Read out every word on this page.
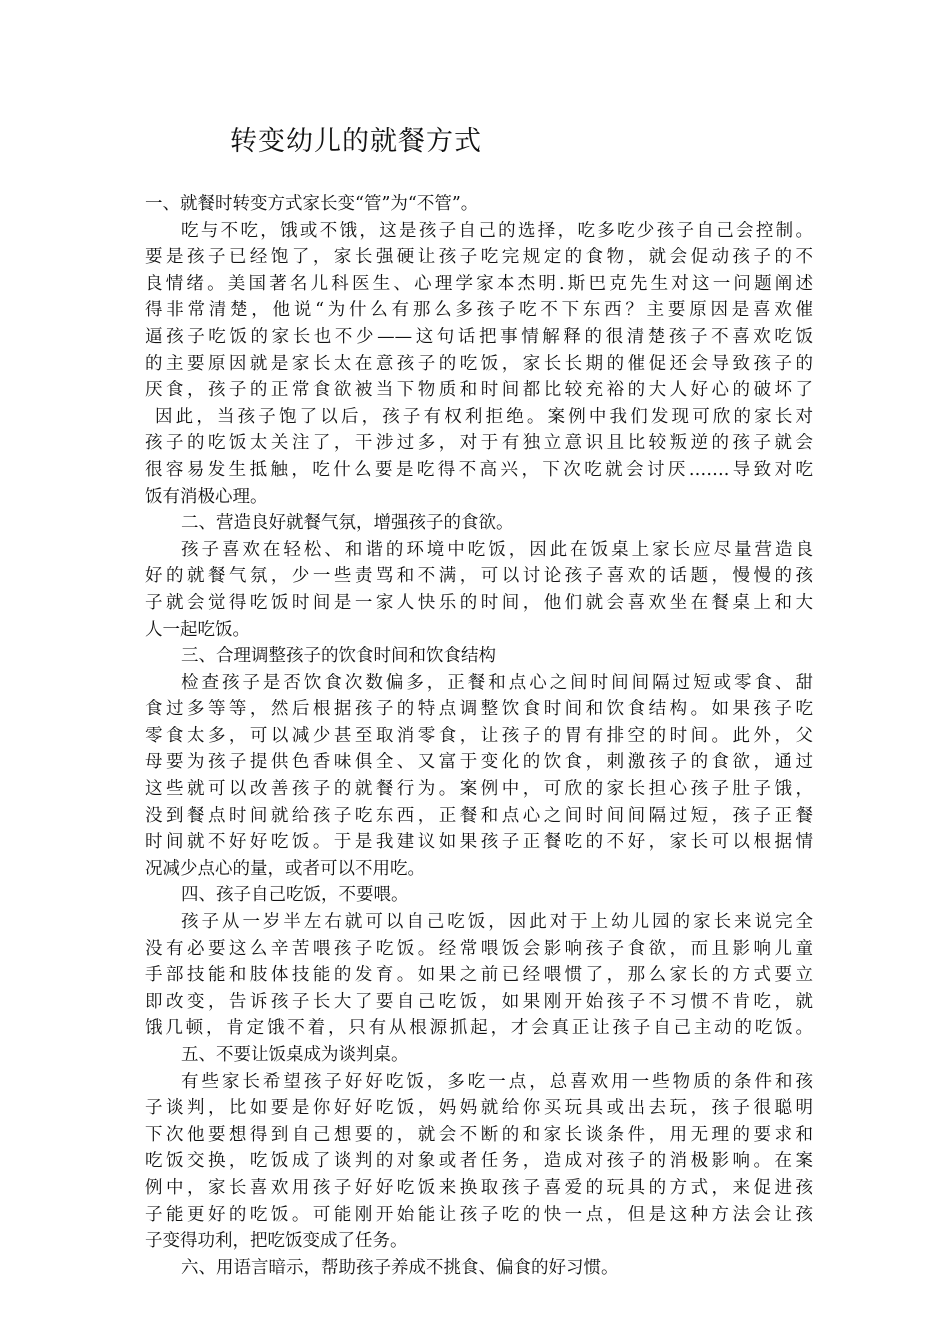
转变幼儿的就餐方式
一、就餐时转变方式家长变“管”为“不管”。
吃与不吃，饿或不饿，这是孩子自己的选择，吃多吃少孩子自己会控制。
要是孩子已经饱了，家长强硬让孩子吃完规定的食物，就会促动孩子的不
良情绪。美国著名儿科医生、心理学家本杰明.斯巴克先生对这一问题阐述
得非常清楚，他说“为什么有那么多孩子吃不下东西？主要原因是喜欢催
逼孩子吃饭的家长也不少——这句话把事情解释的很清楚孩子不喜欢吃饭
的主要原因就是家长太在意孩子的吃饭，家长长期的催促还会导致孩子的
厌食，孩子的正常食欲被当下物质和时间都比较充裕的大人好心的破坏了
因此，当孩子饱了以后，孩子有权利拒绝。案例中我们发现可欣的家长对
孩子的吃饭太关注了，干涉过多，对于有独立意识且比较叛逆的孩子就会
很容易发生抵触，吃什么要是吃得不高兴，下次吃就会讨厌…….导致对吃
饭有消极心理。
二、营造良好就餐气氛，增强孩子的食欲。
孩子喜欢在轻松、和谐的环境中吃饭，因此在饭桌上家长应尽量营造良
好的就餐气氛，少一些责骂和不满，可以讨论孩子喜欢的话题，慢慢的孩
子就会觉得吃饭时间是一家人快乐的时间，他们就会喜欢坐在餐桌上和大
人一起吃饭。
三、合理调整孩子的饮食时间和饮食结构
检查孩子是否饮食次数偏多，正餐和点心之间时间间隔过短或零食、甜
食过多等等，然后根据孩子的特点调整饮食时间和饮食结构。如果孩子吃
零食太多，可以减少甚至取消零食，让孩子的胃有排空的时间。此外，父
母要为孩子提供色香味俱全、又富于变化的饮食，刺激孩子的食欲，通过
这些就可以改善孩子的就餐行为。案例中，可欣的家长担心孩子肚子饿，
没到餐点时间就给孩子吃东西，正餐和点心之间时间间隔过短，孩子正餐
时间就不好好吃饭。于是我建议如果孩子正餐吃的不好，家长可以根据情
况减少点心的量，或者可以不用吃。
四、孩子自己吃饭，不要喂。
孩子从一岁半左右就可以自己吃饭，因此对于上幼儿园的家长来说完全
没有必要这么辛苦喂孩子吃饭。经常喂饭会影响孩子食欲，而且影响儿童
手部技能和肢体技能的发育。如果之前已经喂惯了，那么家长的方式要立
即改变，告诉孩子长大了要自己吃饭，如果刚开始孩子不习惯不肯吃，就
饿几顿，肯定饿不着，只有从根源抓起，才会真正让孩子自己主动的吃饭。
五、不要让饭桌成为谈判桌。
有些家长希望孩子好好吃饭，多吃一点，总喜欢用一些物质的条件和孩
子谈判，比如要是你好好吃饭，妈妈就给你买玩具或出去玩，孩子很聪明
下次他要想得到自己想要的，就会不断的和家长谈条件，用无理的要求和
吃饭交换，吃饭成了谈判的对象或者任务，造成对孩子的消极影响。在案
例中，家长喜欢用孩子好好吃饭来换取孩子喜爱的玩具的方式，来促进孩
子能更好的吃饭。可能刚开始能让孩子吃的快一点，但是这种方法会让孩
子变得功利，把吃饭变成了任务。
六、用语言暗示，帮助孩子养成不挑食、偏食的好习惯。
